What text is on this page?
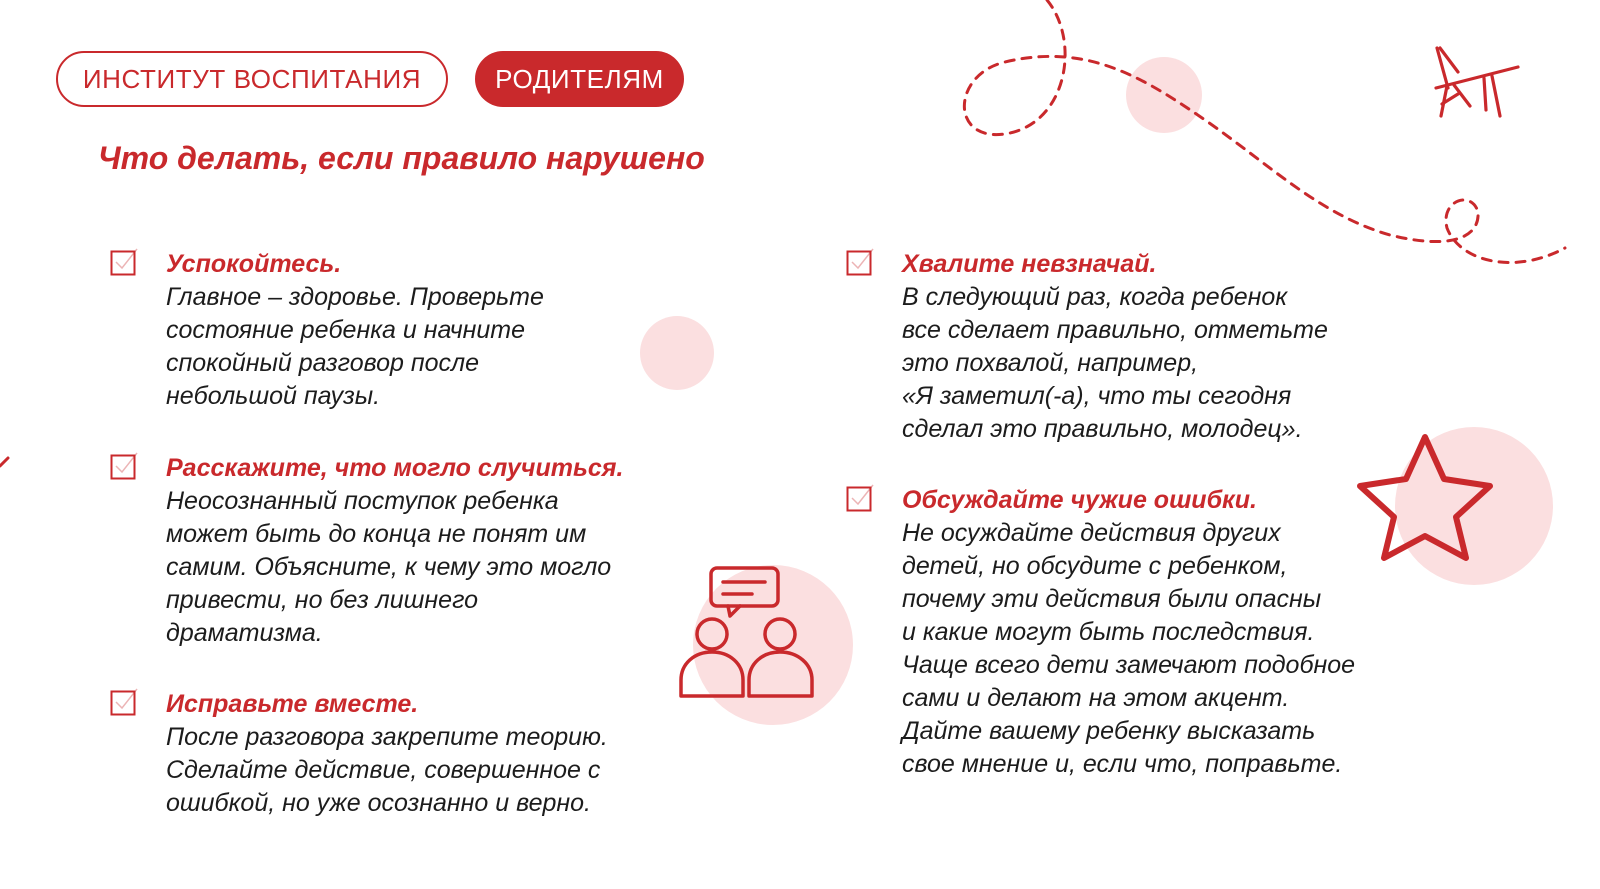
ИНСТИТУТ ВОСПИТАНИЯ	РОДИТЕЛЯМ
Что делать, если правило нарушено
Успокойтесь.
Главное – здоровье. Проверьте
состояние ребенка и начните
спокойный разговор после
небольшой паузы.
Расскажите, что могло случиться.
Неосознанный поступок ребенка
может быть до конца не понят им
самим. Объясните, к чему это могло
привести, но без лишнего
драматизма.
Исправьте вместе.
После разговора закрепите теорию.
Сделайте действие, совершенное с
ошибкой, но уже осознанно и верно.
Хвалите невзначай.
В следующий раз, когда ребенок
все сделает правильно, отметьте
это похвалой, например,
«Я заметил(-а), что ты сегодня
сделал это правильно, молодец».
Обсуждайте чужие ошибки.
Не осуждайте действия других
детей, но обсудите с ребенком,
почему эти действия были опасны
и какие могут быть последствия.
Чаще всего дети замечают подобное
сами и делают на этом акцент.
Дайте вашему ребенку высказать
свое мнение и, если что, поправьте.
